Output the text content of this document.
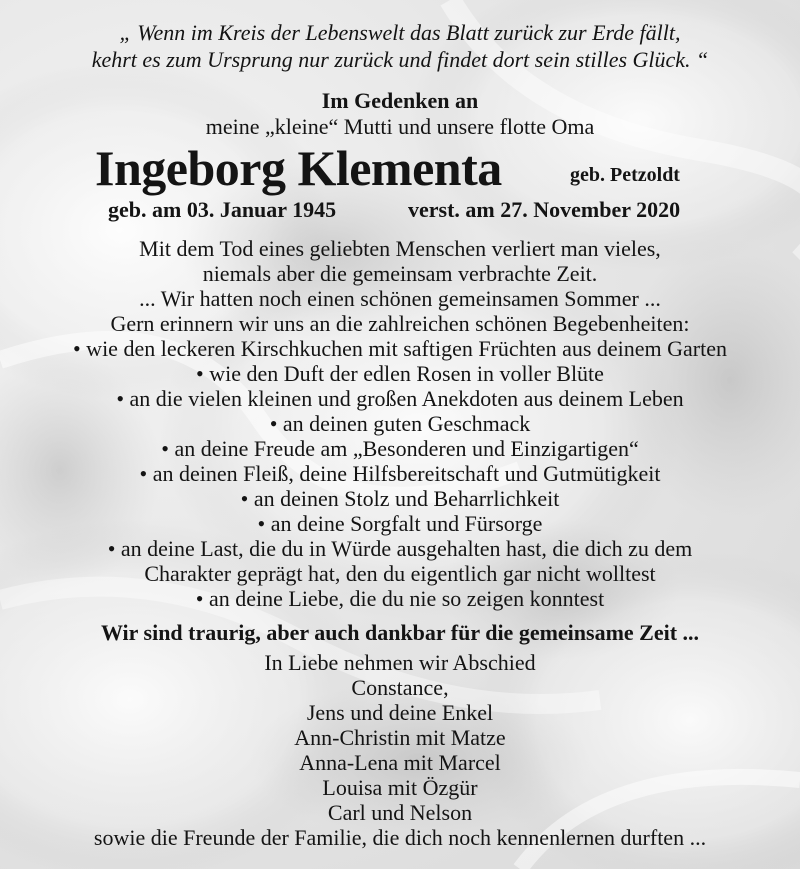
„ Wenn im Kreis der Lebenswelt das Blatt zurück zur Erde fällt,
kehrt es zum Ursprung nur zurück und findet dort sein stilles Glück. “
Im Gedenken an
meine „kleine“ Mutti und unsere flotte Oma
Ingeborg Klementa	geb. Petzoldt
geb. am 03. Januar 1945	verst. am 27. November 2020
Mit dem Tod eines geliebten Menschen verliert man vieles,
niemals aber die gemeinsam verbrachte Zeit.
... Wir hatten noch einen schönen gemeinsamen Sommer ...
Gern erinnern wir uns an die zahlreichen schönen Begebenheiten:
• wie den leckeren Kirschkuchen mit saftigen Früchten aus deinem Garten
• wie den Duft der edlen Rosen in voller Blüte
• an die vielen kleinen und großen Anekdoten aus deinem Leben
• an deinen guten Geschmack
• an deine Freude am „Besonderen und Einzigartigen“
• an deinen Fleiß, deine Hilfsbereitschaft und Gutmütigkeit
• an deinen Stolz und Beharrlichkeit
• an deine Sorgfalt und Fürsorge
• an deine Last, die du in Würde ausgehalten hast, die dich zu dem
Charakter geprägt hat, den du eigentlich gar nicht wolltest
• an deine Liebe, die du nie so zeigen konntest
Wir sind traurig, aber auch dankbar für die gemeinsame Zeit ...
In Liebe nehmen wir Abschied
Constance,
Jens und deine Enkel
Ann-Christin mit Matze
Anna-Lena mit Marcel
Louisa mit Özgür
Carl und Nelson
sowie die Freunde der Familie, die dich noch kennenlernen durften ...
